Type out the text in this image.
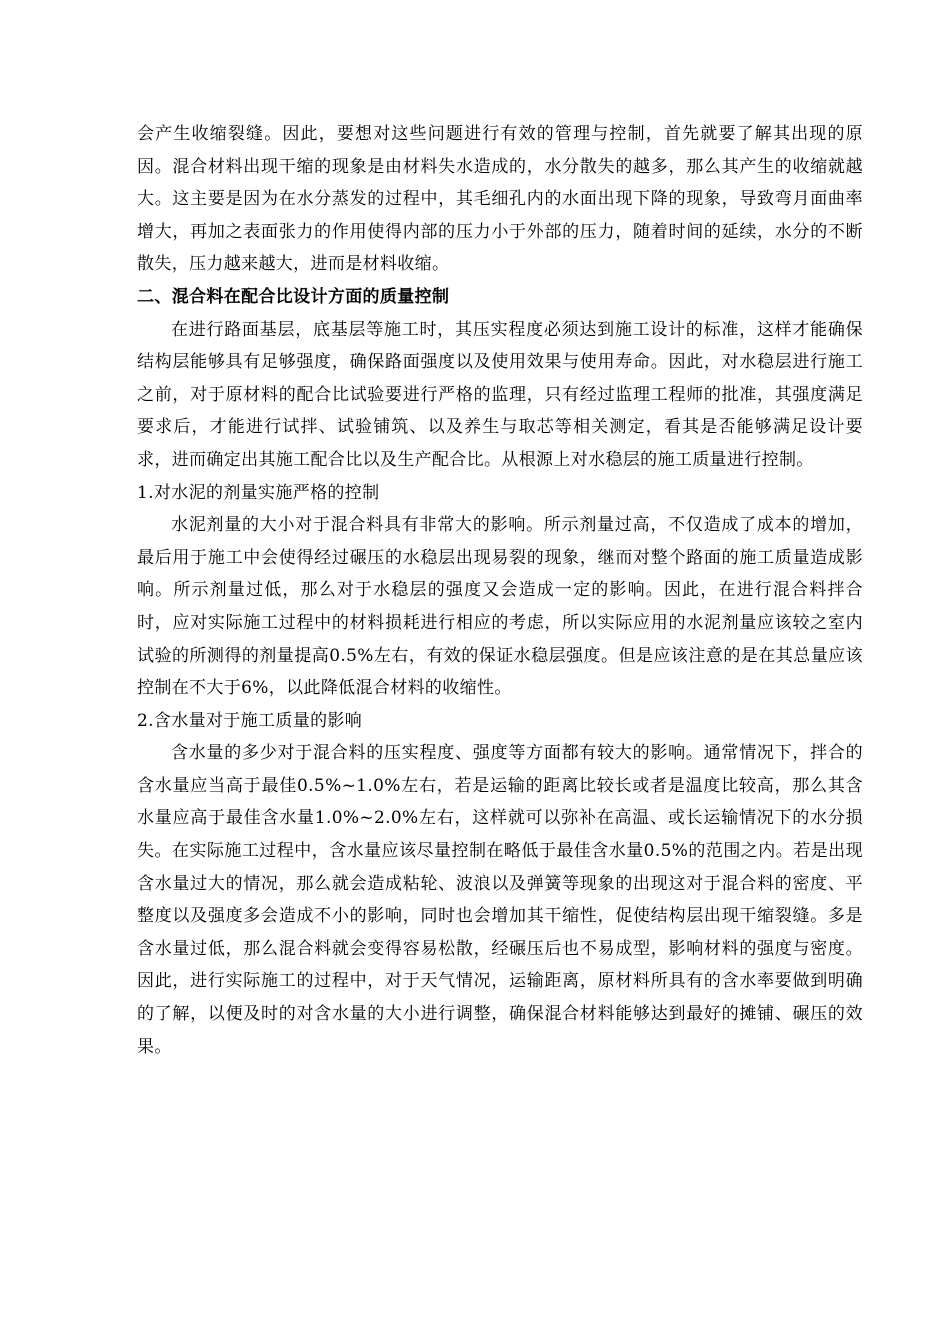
会产生收缩裂缝。因此，要想对这些问题进行有效的管理与控制，首先就要了解其出现的原因。混合材料出现干缩的现象是由材料失水造成的，水分散失的越多，那么其产生的收缩就越大。这主要是因为在水分蒸发的过程中，其毛细孔内的水面出现下降的现象，导致弯月面曲率增大，再加之表面张力的作用使得内部的压力小于外部的压力，随着时间的延续，水分的不断散失，压力越来越大，进而是材料收缩。

二、混合料在配合比设计方面的质量控制

在进行路面基层，底基层等施工时，其压实程度必须达到施工设计的标准，这样才能确保结构层能够具有足够强度，确保路面强度以及使用效果与使用寿命。因此，对水稳层进行施工之前，对于原材料的配合比试验要进行严格的监理，只有经过监理工程师的批准，其强度满足要求后，才能进行试拌、试验铺筑、以及养生与取芯等相关测定，看其是否能够满足设计要求，进而确定出其施工配合比以及生产配合比。从根源上对水稳层的施工质量进行控制。

1.对水泥的剂量实施严格的控制

水泥剂量的大小对于混合料具有非常大的影响。所示剂量过高，不仅造成了成本的增加，最后用于施工中会使得经过碾压的水稳层出现易裂的现象，继而对整个路面的施工质量造成影响。所示剂量过低，那么对于水稳层的强度又会造成一定的影响。因此，在进行混合料拌合时，应对实际施工过程中的材料损耗进行相应的考虑，所以实际应用的水泥剂量应该较之室内试验的所测得的剂量提高0.5%左右，有效的保证水稳层强度。但是应该注意的是在其总量应该控制在不大于6%，以此降低混合材料的收缩性。

2.含水量对于施工质量的影响

含水量的多少对于混合料的压实程度、强度等方面都有较大的影响。通常情况下，拌合的含水量应当高于最佳0.5%~1.0%左右，若是运输的距离比较长或者是温度比较高，那么其含水量应高于最佳含水量1.0%~2.0%左右，这样就可以弥补在高温、或长运输情况下的水分损失。在实际施工过程中，含水量应该尽量控制在略低于最佳含水量0.5%的范围之内。若是出现含水量过大的情况，那么就会造成粘轮、波浪以及弹簧等现象的出现这对于混合料的密度、平整度以及强度多会造成不小的影响，同时也会增加其干缩性，促使结构层出现干缩裂缝。多是含水量过低，那么混合料就会变得容易松散，经碾压后也不易成型，影响材料的强度与密度。因此，进行实际施工的过程中，对于天气情况，运输距离，原材料所具有的含水率要做到明确的了解，以便及时的对含水量的大小进行调整，确保混合材料能够达到最好的摊铺、碾压的效果。
